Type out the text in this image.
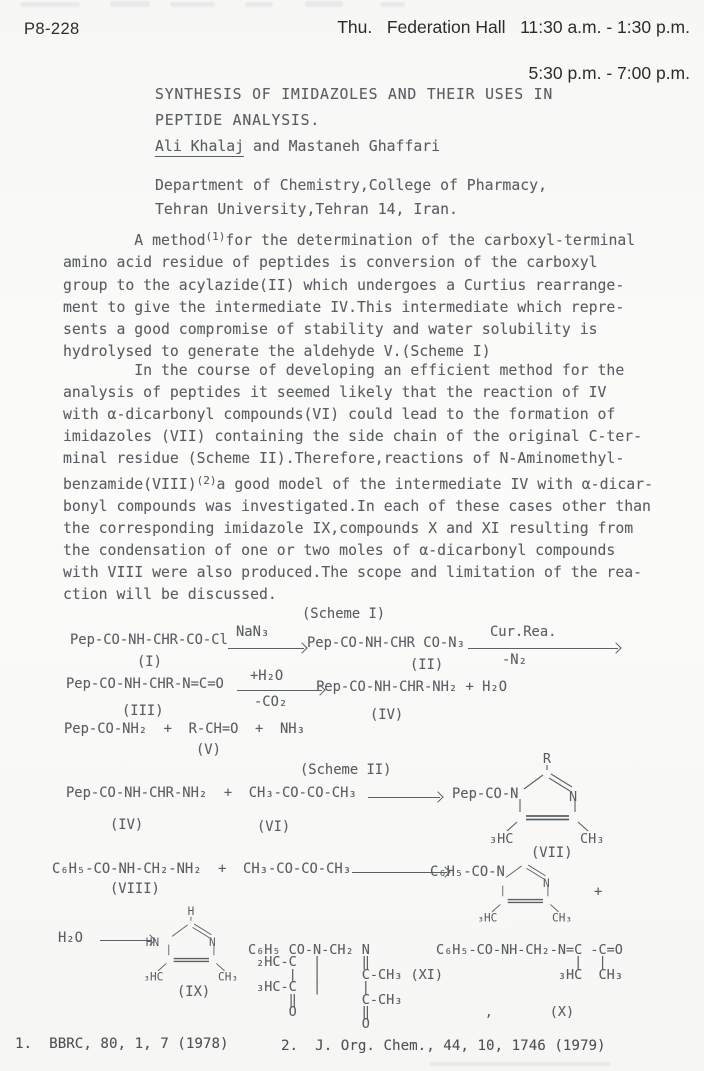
P8-228	Thu.   Federation Hall   11:30 a.m. - 1:30 p.m.

5:30 p.m. - 7:00 p.m.

SYNTHESIS OF IMIDAZOLES AND THEIR USES IN
PEPTIDE ANALYSIS.

Ali Khalaj and Mastaneh Ghaffari

Department of Chemistry,College of Pharmacy,
Tehran University,Tehran 14, Iran.

A method$^{(1)}$for the determination of the carboxyl-terminal
amino acid residue of peptides is conversion of the carboxyl
group to the acylazide(II) which undergoes a Curtius rearrange-
ment to give the intermediate IV.This intermediate which repre-
sents a good compromise of stability and water solubility is
hydrolysed to generate the aldehyde V.(Scheme I)

In the course of developing an efficient method for the
analysis of peptides it seemed likely that the reaction of IV
with α-dicarbonyl compounds(VI) could lead to the formation of
imidazoles (VII) containing the side chain of the original C-ter-
minal residue (Scheme II).Therefore,reactions of N-Aminomethyl-
benzamide(VIII)$^{(2)}$a good model of the intermediate IV with α-dicar-
bonyl compounds was investigated.In each of these cases other than
the corresponding imidazole IX,compounds X and XI resulting from
the condensation of one or two moles of α-dicarbonyl compounds
with VIII were also produced.The scope and limitation of the rea-
ction will be discussed.

(Scheme I)
Pep-CO-NH-CHR-CO-Cl NaN₃
Pep-CO-NH-CHR CO-N₃
Cur.Rea.
-N₂
(I)	(II)
Pep-CO-NH-CHR-N=C=O +H₂O
-CO₂
Pep-CO-NH-CHR-NH₂ + H₂O
(III)	(IV)
Pep-CO-NH₂  +  R-CH=O  +  NH₃
(V)
(Scheme II)
Pep-CO-NH-CHR-NH₂  +  CH₃-CO-CO-CH₃	Pep-CO-N
R
N
₃HC	CH₃
(IV)	(VI)
(VII)
C₆H₅-CO-NH-CH₂-NH₂  +  CH₃-CO-CO-CH₃	C₆H₅-CO-N
N
₃HC	CH₃
+
(VIII)
H₂O
H
HN	N
₃HC	CH₃
(IX)
C₆H₅ CO-N-CH₂ N
₂HC-C  |     ‖
|  |     C-CH₃ (XI)
₃HC-C  |     |
‖        C-CH₃
O        ‖
O
C₆H₅-CO-NH-CH₂-N=C -C=O
|  |
₃HC  CH₃

,       (X)
1.  BBRC, 80, 1, 7 (1978)	2.  J. Org. Chem., 44, 10, 1746 (1979)
